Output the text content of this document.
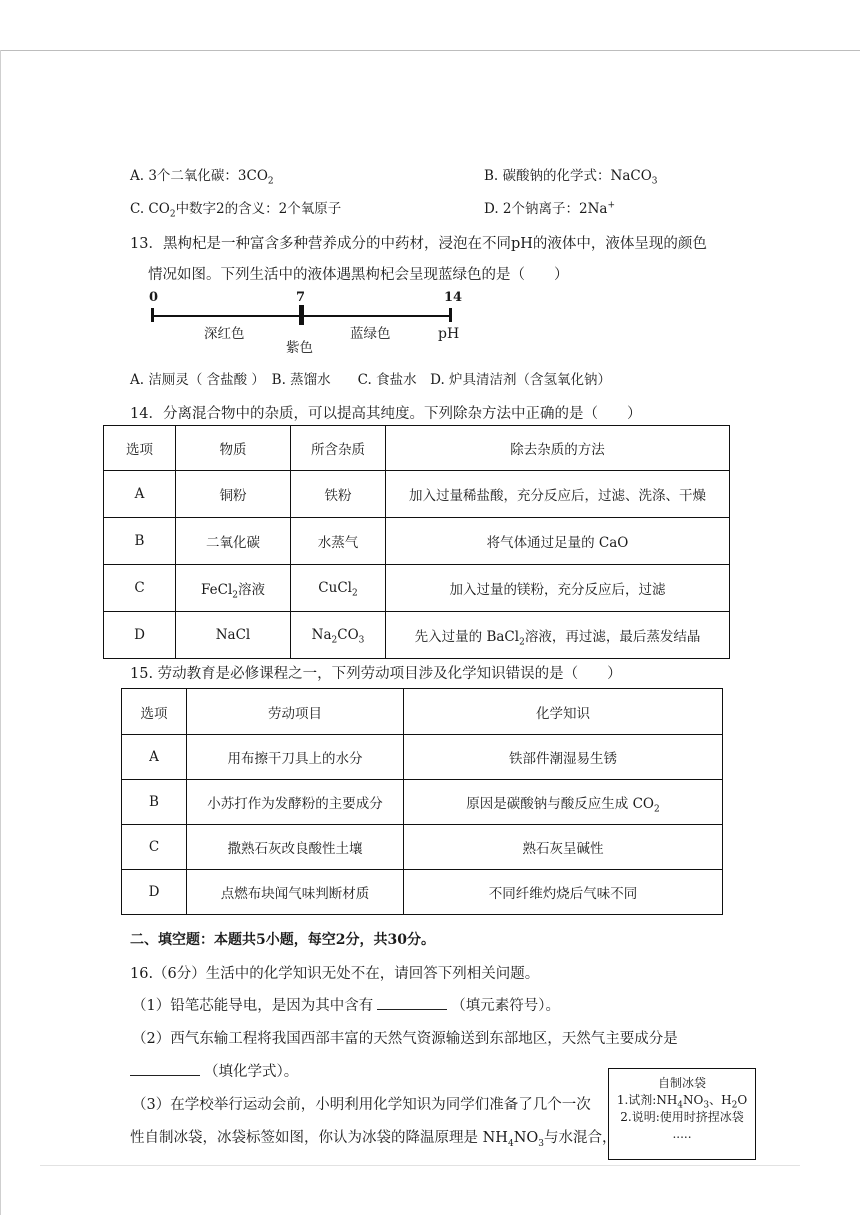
A. 3个二氧化碳：$3CO_2$	B. 碳酸钠的化学式：NaCO$_3$
C. $CO_2$中数字2的含义：2个氧原子	D. 2个钠离子：2Na+
13．黑枸杞是一种富含多种营养成分的中药材，浸泡在不同pH的液体中，液体呈现的颜色
情况如图。下列生活中的液体遇黑枸杞会呈现蓝绿色的是（　　）
0	7	14
深红色
紫色
蓝绿色	pH
A. 洁厕灵（ 含盐酸 ）　B. 蒸馏水　　C. 食盐水　D. 炉具清洁剂（含氢氧化钠）
14．分离混合物中的杂质，可以提高其纯度。下列除杂方法中正确的是（　　）
选项	物质	所含杂质	除去杂质的方法
A	铜粉	铁粉	加入过量稀盐酸，充分反应后，过滤、洗涤、干燥
B	二氧化碳	水蒸气	将气体通过足量的 CaO
C	FeCl$_2$溶液	CuCl$_2$	加入过量的镁粉，充分反应后，过滤
D	NaCl	$Na_2CO_3$	先入过量的 BaCl$_2$溶液，再过滤，最后蒸发结晶
15. 劳动教育是必修课程之一，下列劳动项目涉及化学知识错误的是（　　）
选项	劳动项目	化学知识
A	用布擦干刀具上的水分	铁部件潮湿易生锈
B	小苏打作为发酵粉的主要成分	原因是碳酸钠与酸反应生成 $CO_2$
C	撒熟石灰改良酸性土壤	熟石灰呈碱性
D	点燃布块闻气味判断材质	不同纤维灼烧后气味不同
二、填空题：本题共5小题，每空2分，共30分。
16.（6分）生活中的化学知识无处不在，请回答下列相关问题。
（1）铅笔芯能导电，是因为其中含有	（填元素符号）。
（2）西气东输工程将我国西部丰富的天然气资源输送到东部地区，天然气主要成分是
（填化学式）。
（3）在学校举行运动会前，小明利用化学知识为同学们准备了几个一次
性自制冰袋，冰袋标签如图，你认为冰袋的降温原理是 $NH_4NO_3$与水混合，
自制冰袋
1.试剂$:NH_4NO_3$、$H_2O$
2.说明:使用时挤捏冰袋
.....
